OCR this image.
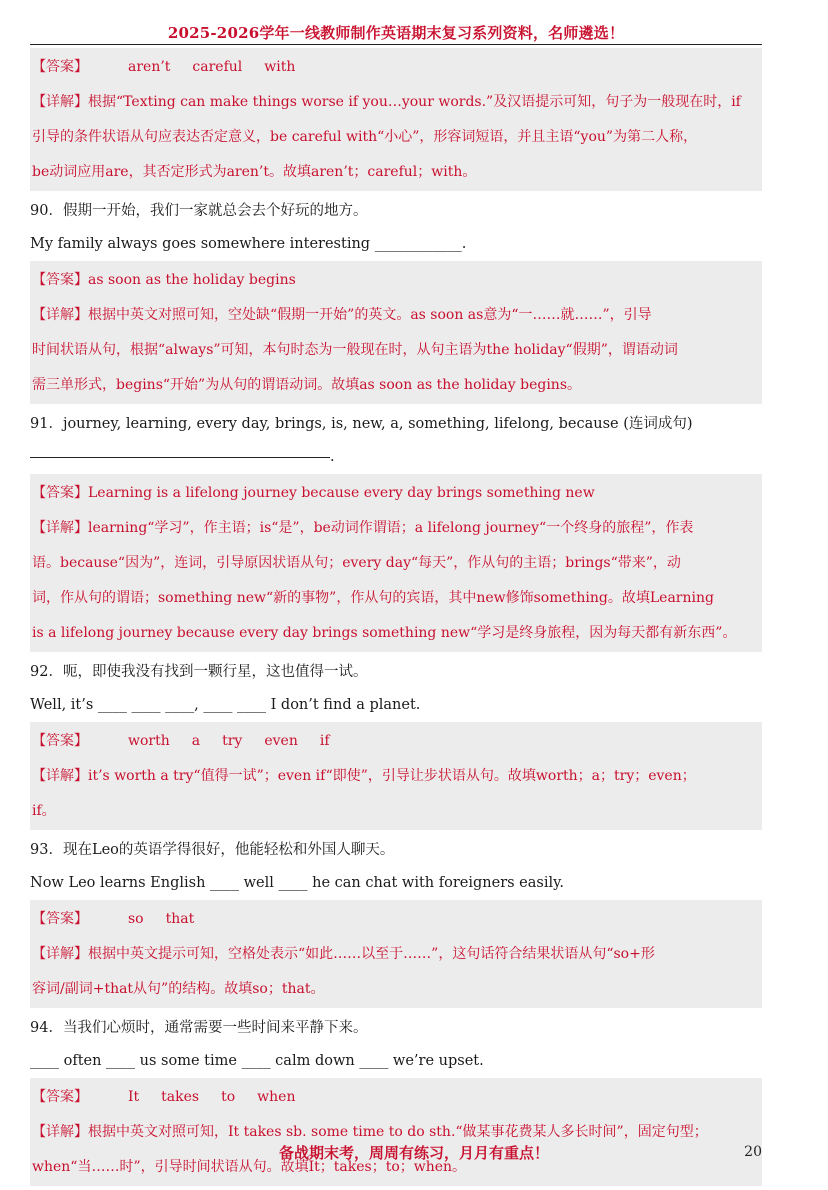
2025-2026学年一线教师制作英语期末复习系列资料，名师遴选！
【答案】	aren’t careful with
【详解】根据“Texting can make things worse if you…your words.”及汉语提示可知，句子为一般现在时，if
引导的条件状语从句应表达否定意义，be careful with“小心”，形容词短语，并且主语“you”为第二人称，
be动词应用are，其否定形式为aren’t。故填aren’t；careful；with。
90．假期一开始，我们一家就总会去个好玩的地方。
My family always goes somewhere interesting ____________.
【答案】as soon as the holiday begins
【详解】根据中英文对照可知，空处缺“假期一开始”的英文。as soon as意为“一……就……”，引导
时间状语从句，根据“always”可知，本句时态为一般现在时，从句主语为the holiday“假期”，谓语动词
需三单形式，begins“开始”为从句的谓语动词。故填as soon as the holiday begins。
91．journey, learning, every day, brings, is, new, a, something, lifelong, because (连词成句)
.
【答案】Learning is a lifelong journey because every day brings something new
【详解】learning“学习”，作主语；is“是”，be动词作谓语；a lifelong journey“一个终身的旅程”，作表
语。because“因为”，连词，引导原因状语从句；every day“每天”，作从句的主语；brings“带来”，动
词，作从句的谓语；something new“新的事物”，作从句的宾语，其中new修饰something。故填Learning
is a lifelong journey because every day brings something new“学习是终身旅程，因为每天都有新东西”。
92．呃，即使我没有找到一颗行星，这也值得一试。
Well, it’s ____ ____ ____, ____ ____ I don’t find a planet.
【答案】	worth a try even if
【详解】it’s worth a try“值得一试”；even if“即使”，引导让步状语从句。故填worth；a；try；even；
if。
93．现在Leo的英语学得很好，他能轻松和外国人聊天。
Now Leo learns English ____ well ____ he can chat with foreigners easily.
【答案】	so that
【详解】根据中英文提示可知，空格处表示“如此……以至于……”，这句话符合结果状语从句“so+形
容词/副词+that从句”的结构。故填so；that。
94．当我们心烦时，通常需要一些时间来平静下来。
____ often ____ us some time ____ calm down ____ we’re upset.
【答案】	It takes to when
【详解】根据中英文对照可知，It takes sb. some time to do sth.“做某事花费某人多长时间”，固定句型；
when“当……时”，引导时间状语从句。故填It；takes；to；when。
备战期末考，周周有练习，月月有重点！	20
